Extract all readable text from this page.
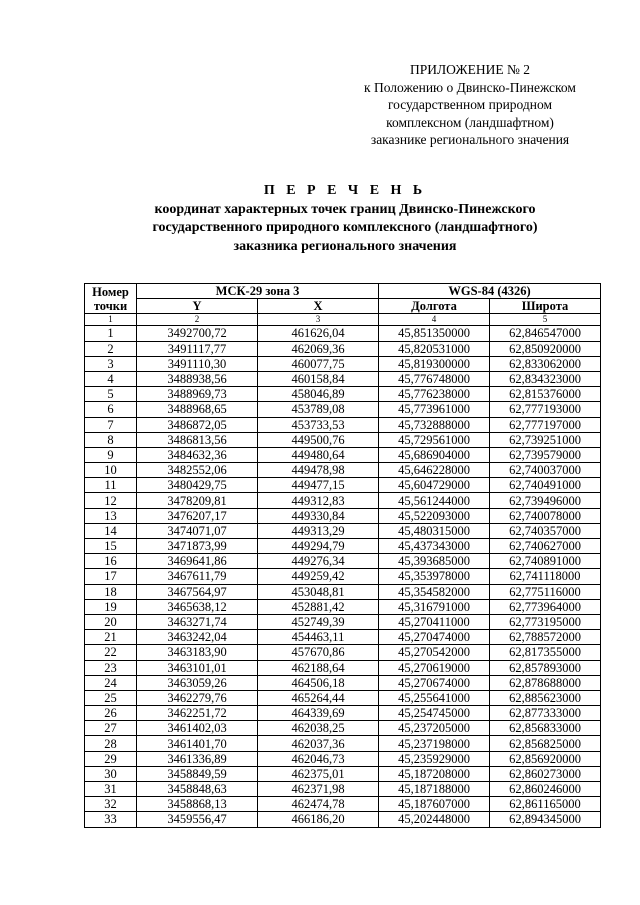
ПРИЛОЖЕНИЕ № 2
к Положению о Двинско-Пинежском
государственном природном
комплексном (ландшафтном)
заказнике регионального значения
П Е Р Е Ч Е Н Ь
координат характерных точек границ Двинско-Пинежского
государственного природного комплексного (ландшафтного)
заказника регионального значения
Номер
точки	МСК-29 зона 3		WGS-84 (4326)	
	Y	X	Долгота	Широта
1	2	3	4	5
1	3492700,72	461626,04	45,851350000	62,846547000
2	3491117,77	462069,36	45,820531000	62,850920000
3	3491110,30	460077,75	45,819300000	62,833062000
4	3488938,56	460158,84	45,776748000	62,834323000
5	3488969,73	458046,89	45,776238000	62,815376000
6	3488968,65	453789,08	45,773961000	62,777193000
7	3486872,05	453733,53	45,732888000	62,777197000
8	3486813,56	449500,76	45,729561000	62,739251000
9	3484632,36	449480,64	45,686904000	62,739579000
10	3482552,06	449478,98	45,646228000	62,740037000
11	3480429,75	449477,15	45,604729000	62,740491000
12	3478209,81	449312,83	45,561244000	62,739496000
13	3476207,17	449330,84	45,522093000	62,740078000
14	3474071,07	449313,29	45,480315000	62,740357000
15	3471873,99	449294,79	45,437343000	62,740627000
16	3469641,86	449276,34	45,393685000	62,740891000
17	3467611,79	449259,42	45,353978000	62,741118000
18	3467564,97	453048,81	45,354582000	62,775116000
19	3465638,12	452881,42	45,316791000	62,773964000
20	3463271,74	452749,39	45,270411000	62,773195000
21	3463242,04	454463,11	45,270474000	62,788572000
22	3463183,90	457670,86	45,270542000	62,817355000
23	3463101,01	462188,64	45,270619000	62,857893000
24	3463059,26	464506,18	45,270674000	62,878688000
25	3462279,76	465264,44	45,255641000	62,885623000
26	3462251,72	464339,69	45,254745000	62,877333000
27	3461402,03	462038,25	45,237205000	62,856833000
28	3461401,70	462037,36	45,237198000	62,856825000
29	3461336,89	462046,73	45,235929000	62,856920000
30	3458849,59	462375,01	45,187208000	62,860273000
31	3458848,63	462371,98	45,187188000	62,860246000
32	3458868,13	462474,78	45,187607000	62,861165000
33	3459556,47	466186,20	45,202448000	62,894345000
